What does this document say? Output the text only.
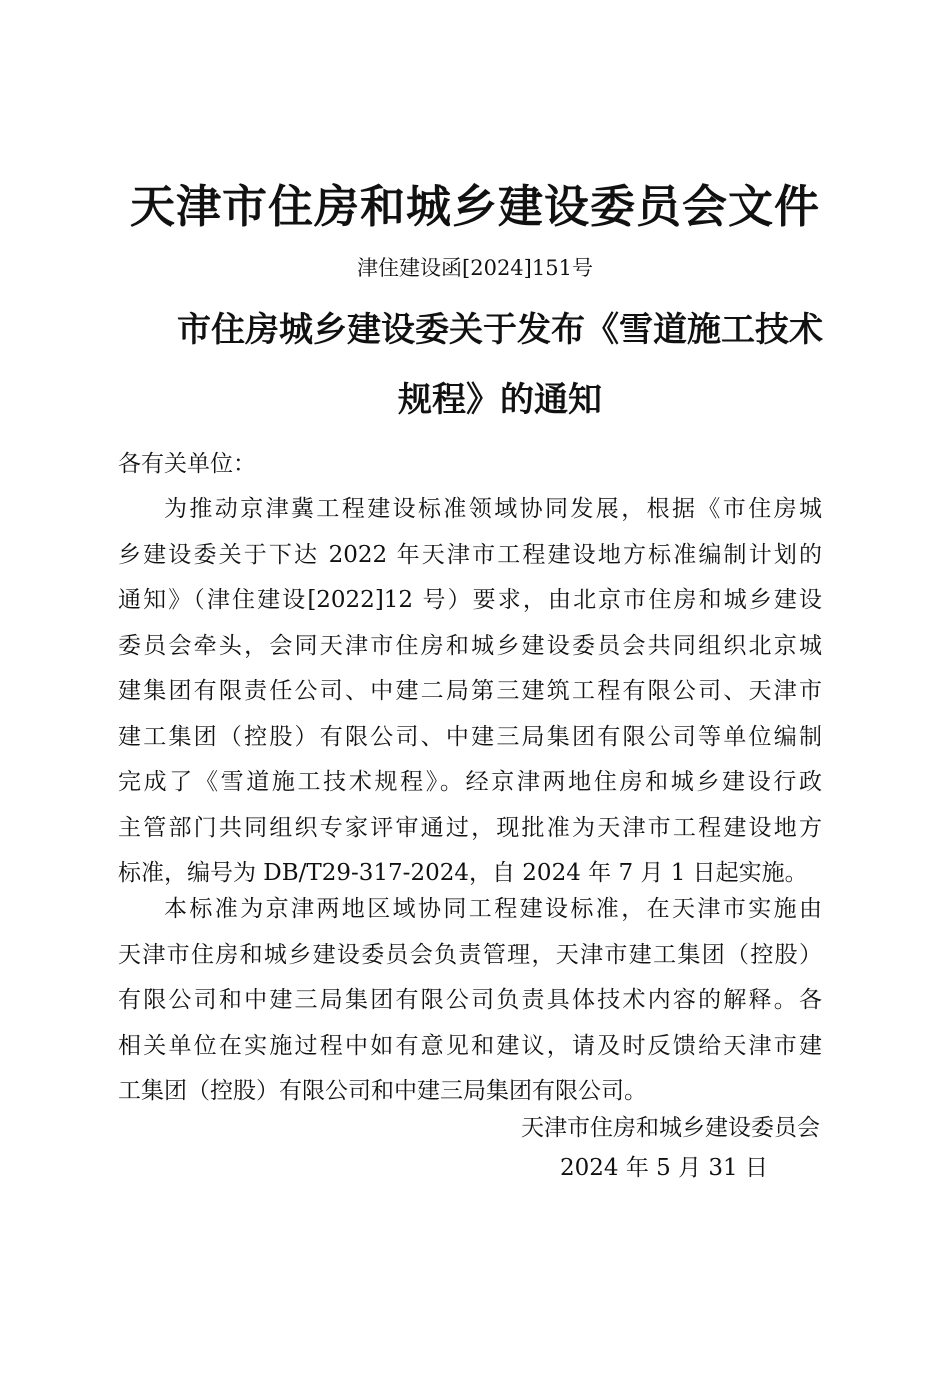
天津市住房和城乡建设委员会文件
津住建设函[2024]151号
市住房城乡建设委关于发布《雪道施工技术
规程》的通知
各有关单位：
为推动京津冀工程建设标准领域协同发展，根据《市住房城
乡建设委关于下达 2022 年天津市工程建设地方标准编制计划的
通知》（津住建设[2022]12 号）要求，由北京市住房和城乡建设
委员会牵头，会同天津市住房和城乡建设委员会共同组织北京城
建集团有限责任公司、中建二局第三建筑工程有限公司、天津市
建工集团（控股）有限公司、中建三局集团有限公司等单位编制
完成了《雪道施工技术规程》。经京津两地住房和城乡建设行政
主管部门共同组织专家评审通过，现批准为天津市工程建设地方
标准，编号为 DB/T29-317-2024，自 2024 年 7 月 1 日起实施。
本标准为京津两地区域协同工程建设标准，在天津市实施由
天津市住房和城乡建设委员会负责管理，天津市建工集团（控股）
有限公司和中建三局集团有限公司负责具体技术内容的解释。各
相关单位在实施过程中如有意见和建议，请及时反馈给天津市建
工集团（控股）有限公司和中建三局集团有限公司。
天津市住房和城乡建设委员会
2024 年 5 月 31 日
